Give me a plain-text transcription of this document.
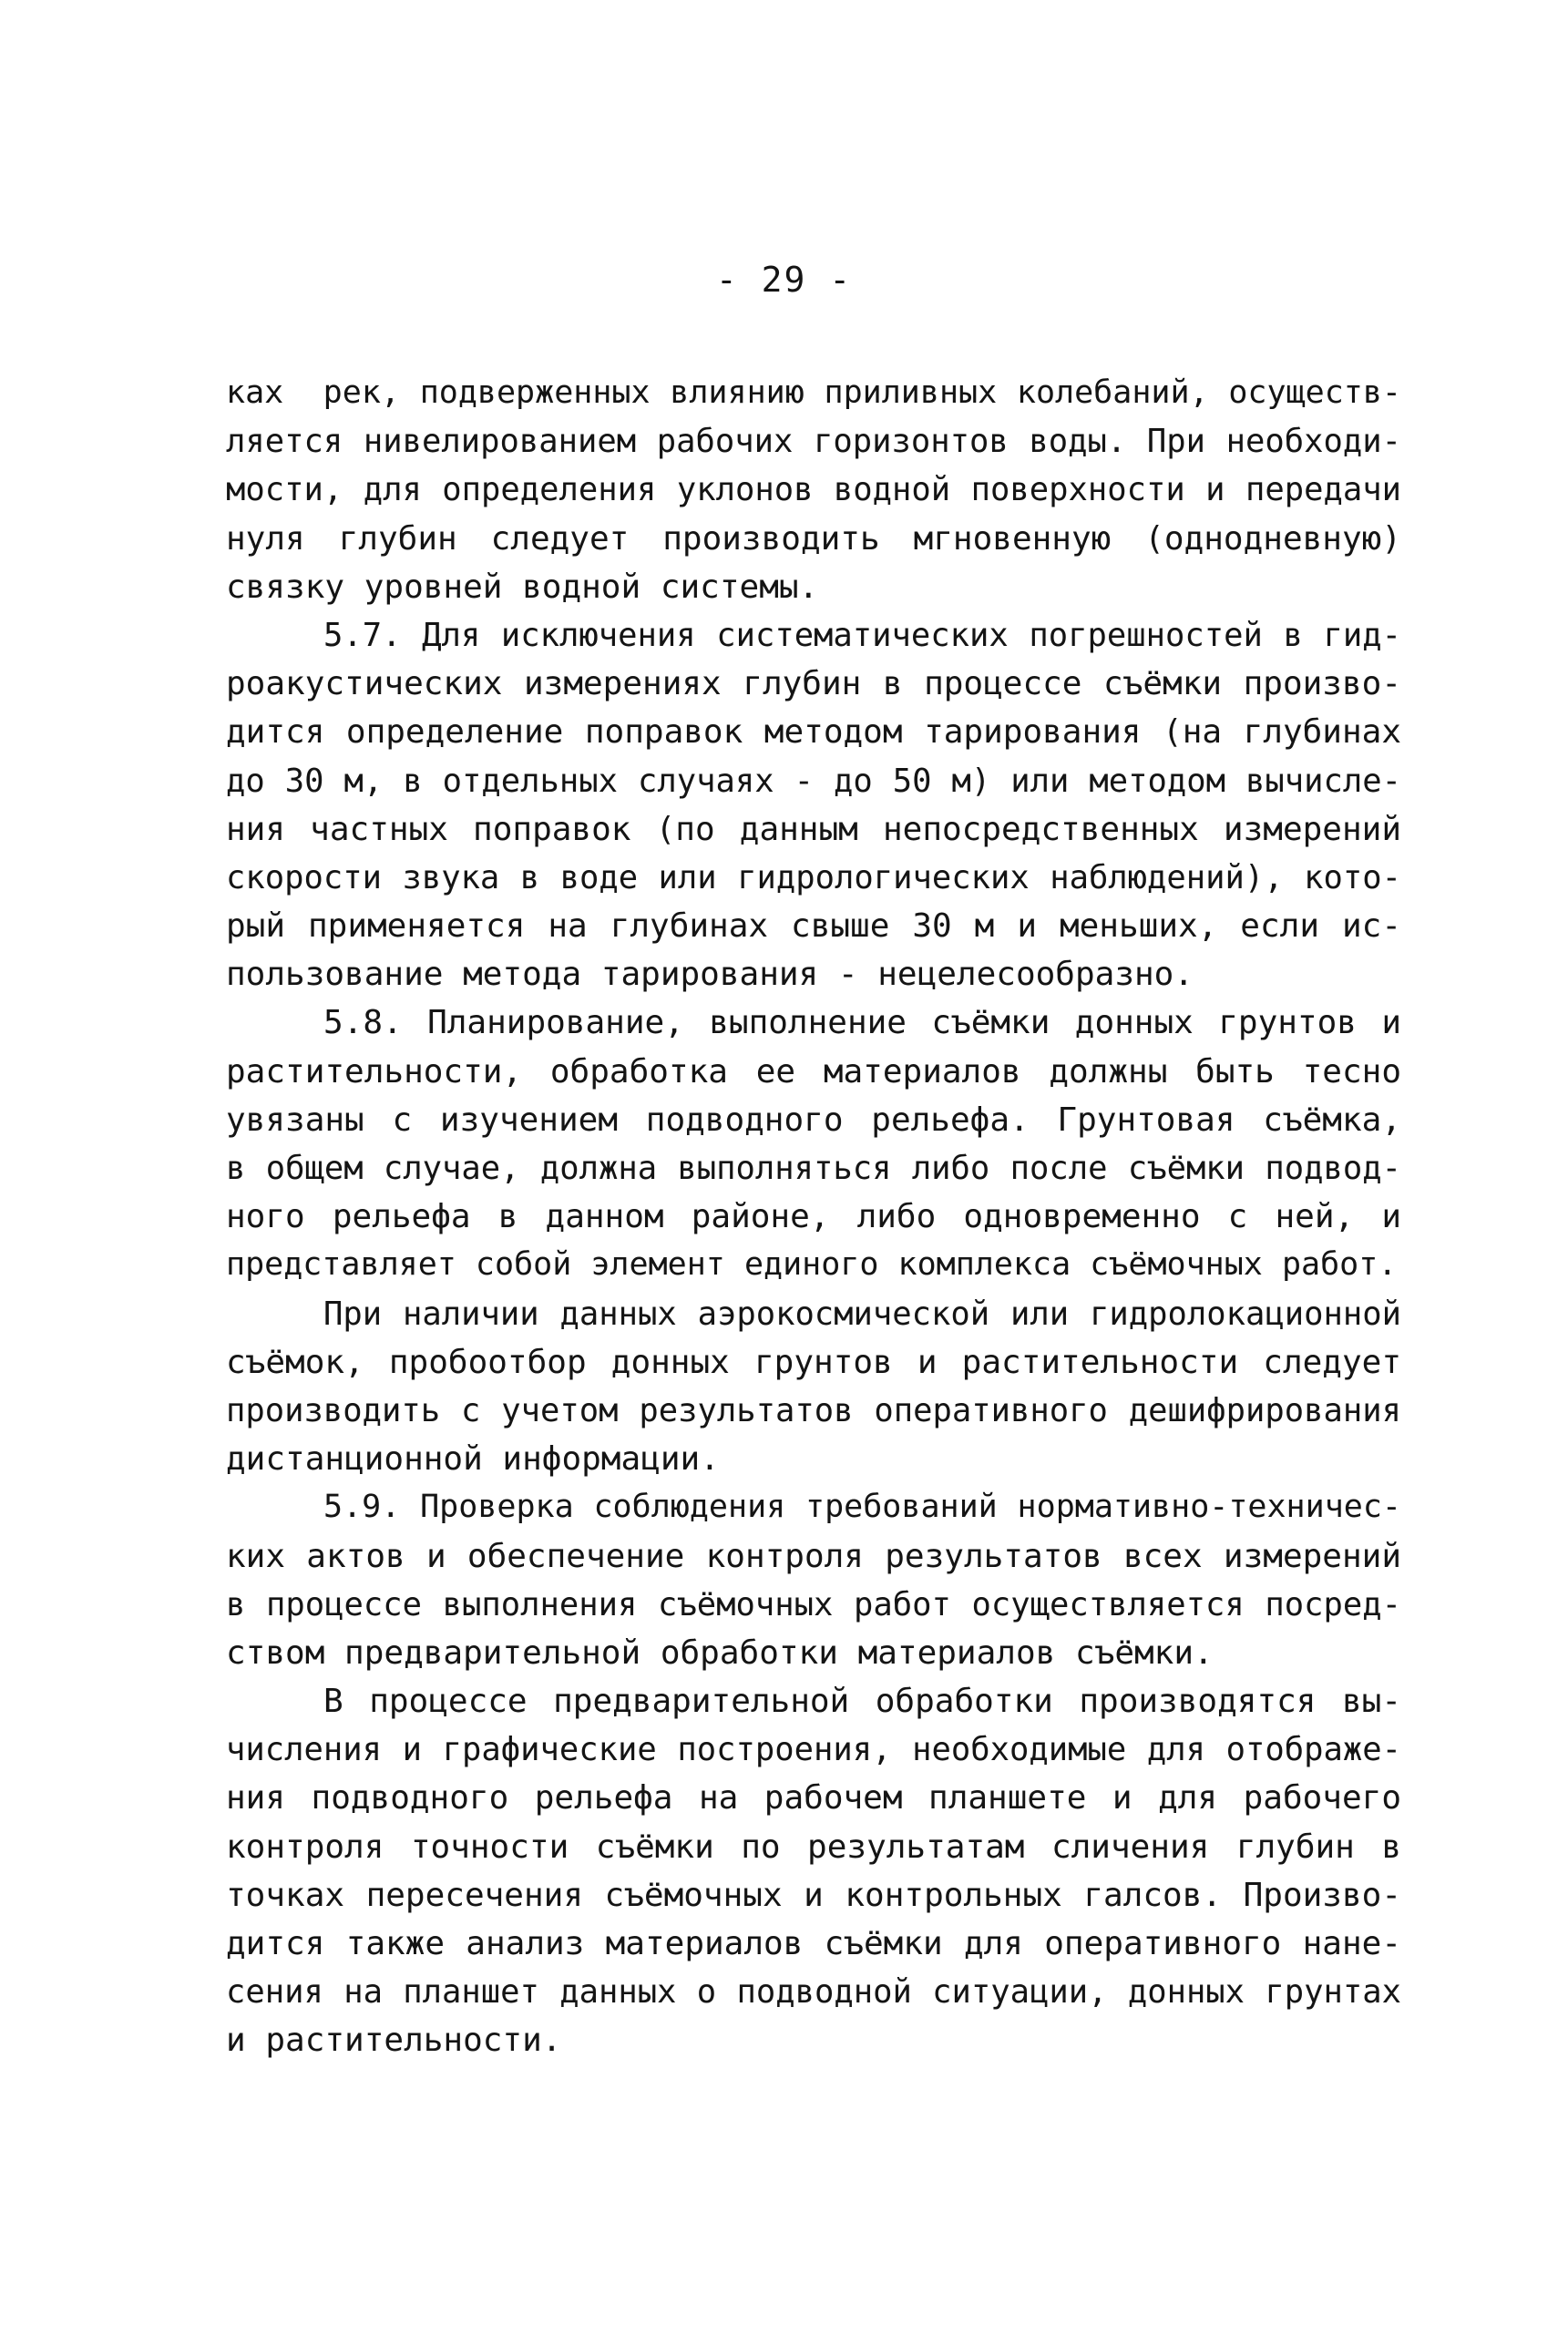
- 29 -
ках  рек, подверженных влиянию приливных колебаний, осуществ-
ляется нивелированием рабочих горизонтов воды. При необходи-
мости, для определения уклонов водной поверхности и передачи
нуля глубин следует производить мгновенную (однодневную)
связку уровней водной системы.
5.7. Для исключения систематических погрешностей в гид-
роакустических измерениях глубин в процессе съёмки произво-
дится определение поправок методом тарирования (на глубинах
до 30 м, в отдельных случаях - до 50 м) или методом вычисле-
ния частных поправок (по данным непосредственных измерений
скорости звука в воде или гидрологических наблюдений), кото-
рый применяется на глубинах свыше 30 м и меньших, если ис-
пользование метода тарирования - нецелесообразно.
5.8. Планирование, выполнение съёмки донных грунтов и
растительности, обработка ее материалов должны быть тесно
увязаны с изучением подводного рельефа. Грунтовая съёмка,
в общем случае, должна выполняться либо после съёмки подвод-
ного рельефа в данном районе, либо одновременно с ней, и
представляет собой элемент единого комплекса съёмочных работ.
При наличии данных аэрокосмической или гидролокационной
съёмок, пробоотбор донных грунтов и растительности следует
производить с учетом результатов оперативного дешифрирования
дистанционной информации.
5.9. Проверка соблюдения требований нормативно-техничес-
ких актов и обеспечение контроля результатов всех измерений
в процессе выполнения съёмочных работ осуществляется посред-
ством предварительной обработки материалов съёмки.
В процессе предварительной обработки производятся вы-
числения и графические построения, необходимые для отображе-
ния подводного рельефа на рабочем планшете и для рабочего
контроля точности съёмки по результатам сличения глубин в
точках пересечения съёмочных и контрольных галсов. Произво-
дится также анализ материалов съёмки для оперативного нане-
сения на планшет данных о подводной ситуации, донных грунтах
и растительности.
